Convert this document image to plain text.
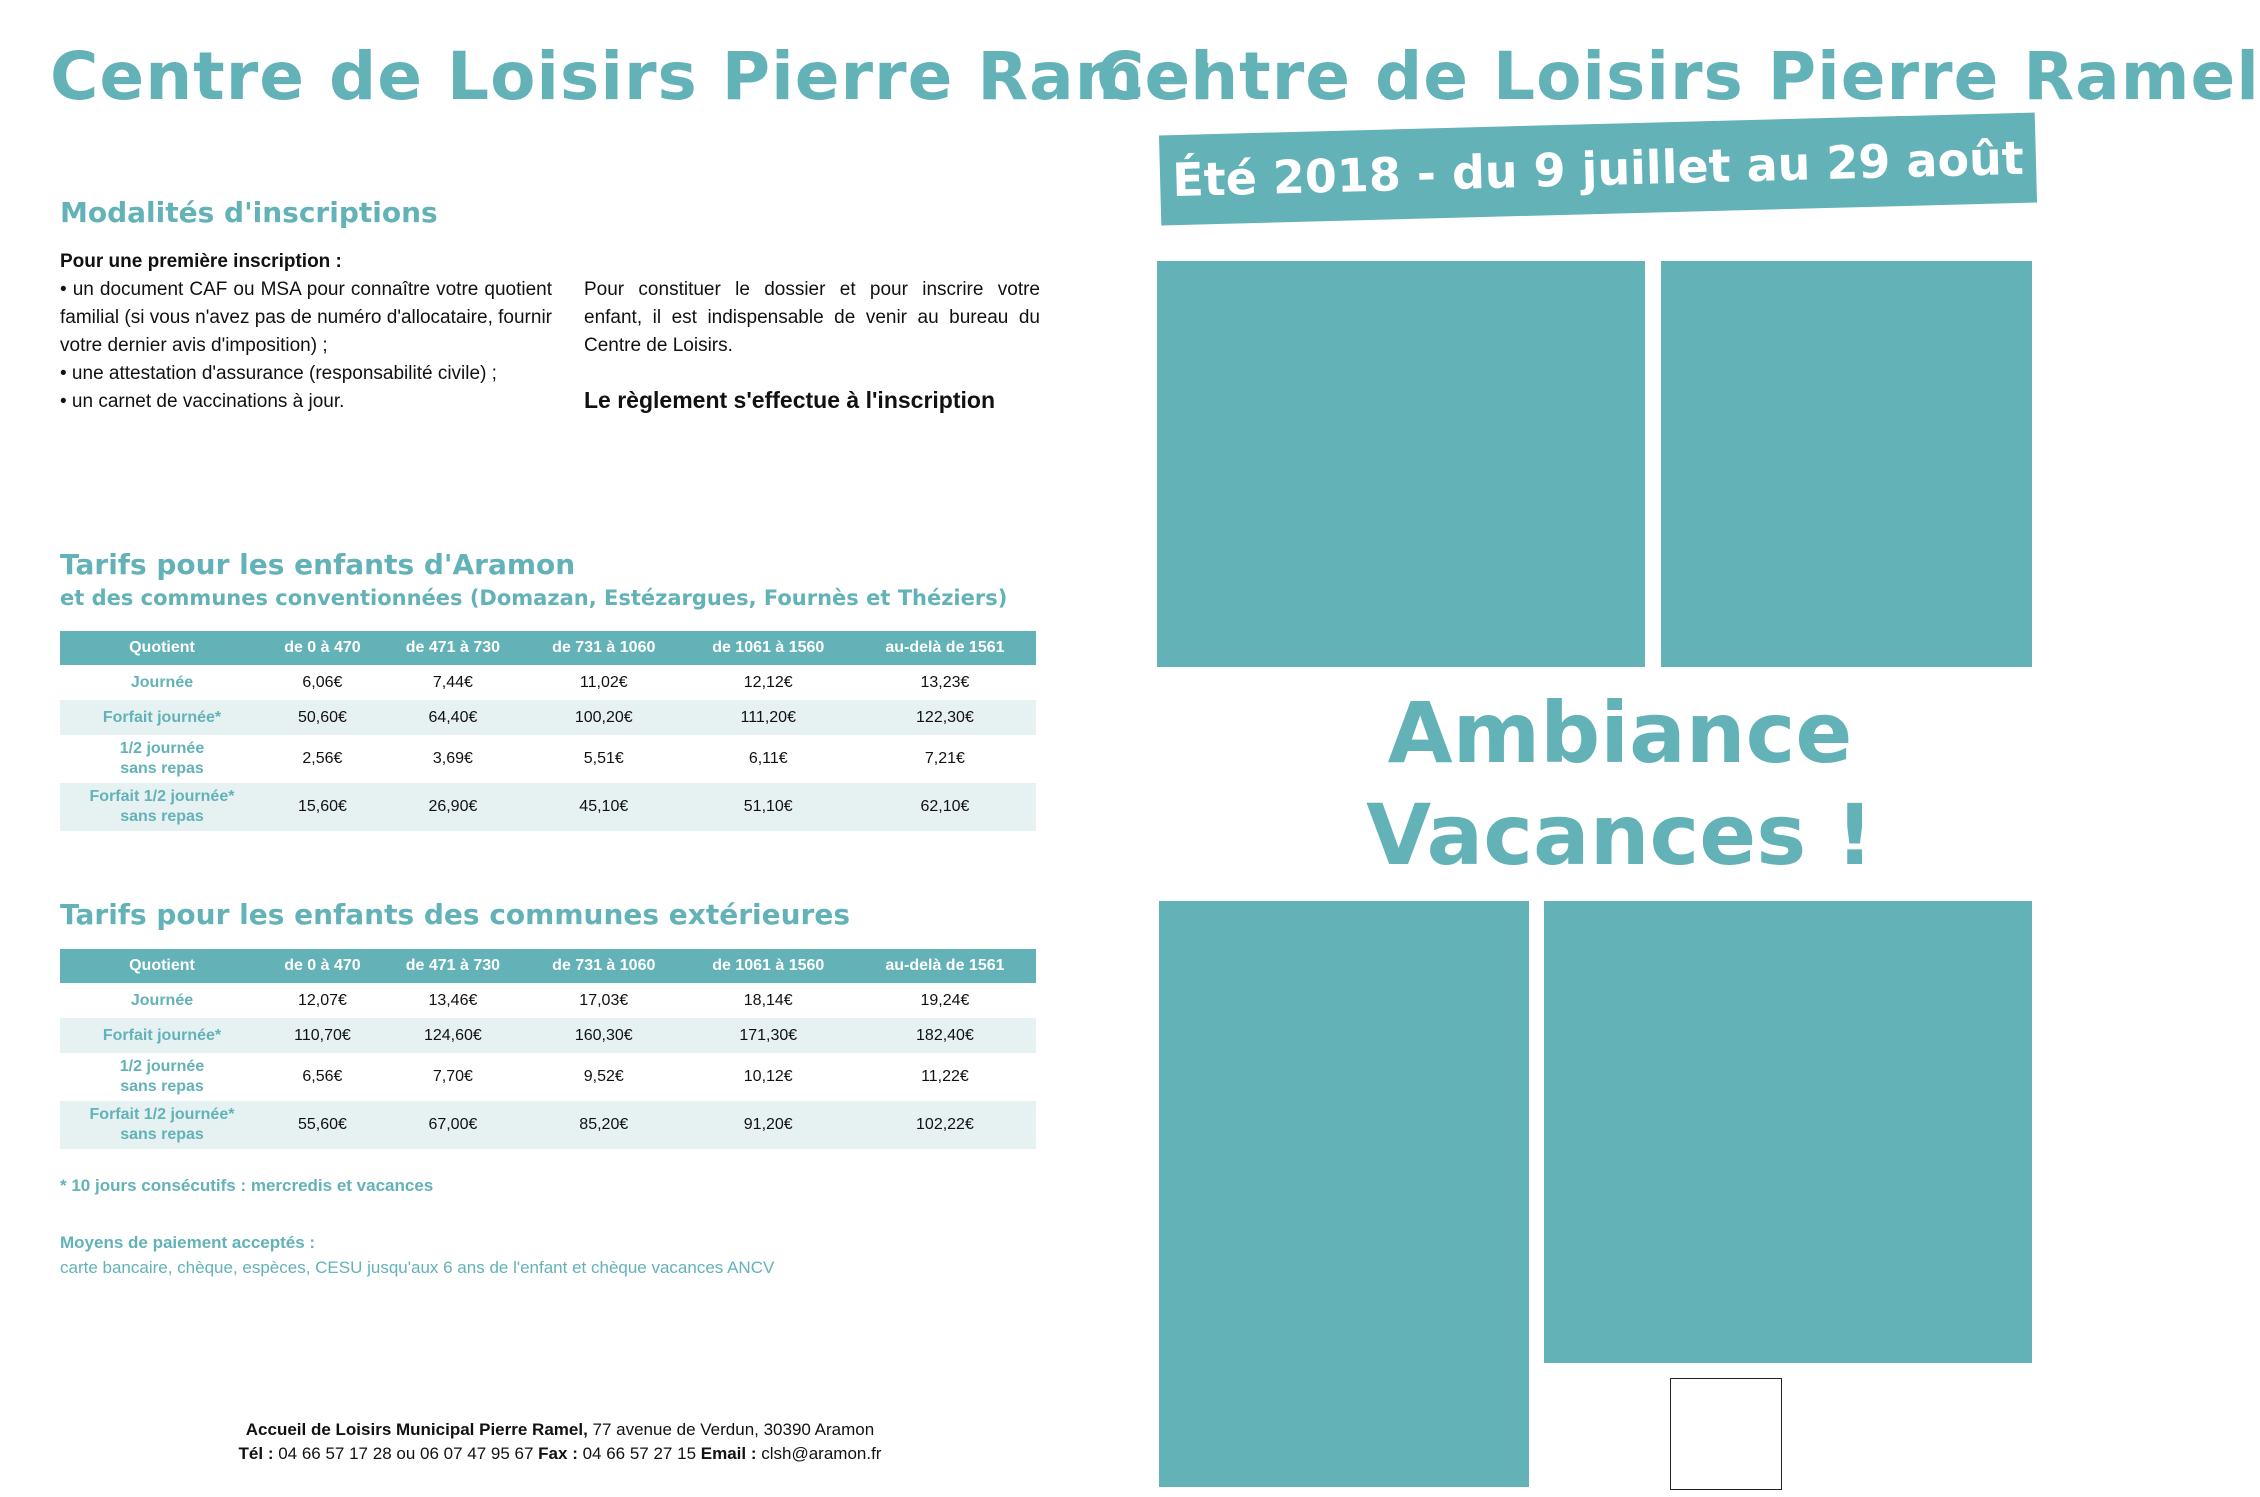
Centre de Loisirs Pierre Ramel
Modalités d'inscriptions
Pour une première inscription :
• un document CAF ou MSA pour connaître votre quotient familial (si vous n'avez pas de numéro d'allocataire, fournir votre dernier avis d'imposition) ;
• une attestation d'assurance (responsabilité civile) ;
• un carnet de vaccinations à jour.
Pour constituer le dossier et pour inscrire votre enfant, il est indispensable de venir au bureau du Centre de Loisirs.
Le règlement s'effectue à l'inscription
Tarifs pour les enfants d'Aramon
et des communes conventionnées (Domazan, Estézargues, Fournès et Théziers)
Quotient	de 0 à 470	de 471 à 730	de 731 à 1060	de 1061 à 1560	au-delà de 1561
Journée	6,06€	7,44€	11,02€	12,12€	13,23€
Forfait journée*	50,60€	64,40€	100,20€	111,20€	122,30€
1/2 journée
sans repas	2,56€	3,69€	5,51€	6,11€	7,21€
Forfait 1/2 journée*
sans repas	15,60€	26,90€	45,10€	51,10€	62,10€
Tarifs pour les enfants des communes extérieures
Quotient	de 0 à 470	de 471 à 730	de 731 à 1060	de 1061 à 1560	au-delà de 1561
Journée	12,07€	13,46€	17,03€	18,14€	19,24€
Forfait journée*	110,70€	124,60€	160,30€	171,30€	182,40€
1/2 journée
sans repas	6,56€	7,70€	9,52€	10,12€	11,22€
Forfait 1/2 journée*
sans repas	55,60€	67,00€	85,20€	91,20€	102,22€
* 10 jours consécutifs : mercredis et vacances
Moyens de paiement acceptés :
carte bancaire, chèque, espèces, CESU jusqu'aux 6 ans de l'enfant et chèque vacances ANCV
Accueil de Loisirs Municipal Pierre Ramel, 77 avenue de Verdun, 30390 Aramon
Tél : 04 66 57 17 28 ou 06 07 47 95 67 Fax : 04 66 57 27 15 Email : clsh@aramon.fr
Centre de Loisirs Pierre Ramel
Été 2018 - du 9 juillet au 29 août
Ambiance
Vacances !
